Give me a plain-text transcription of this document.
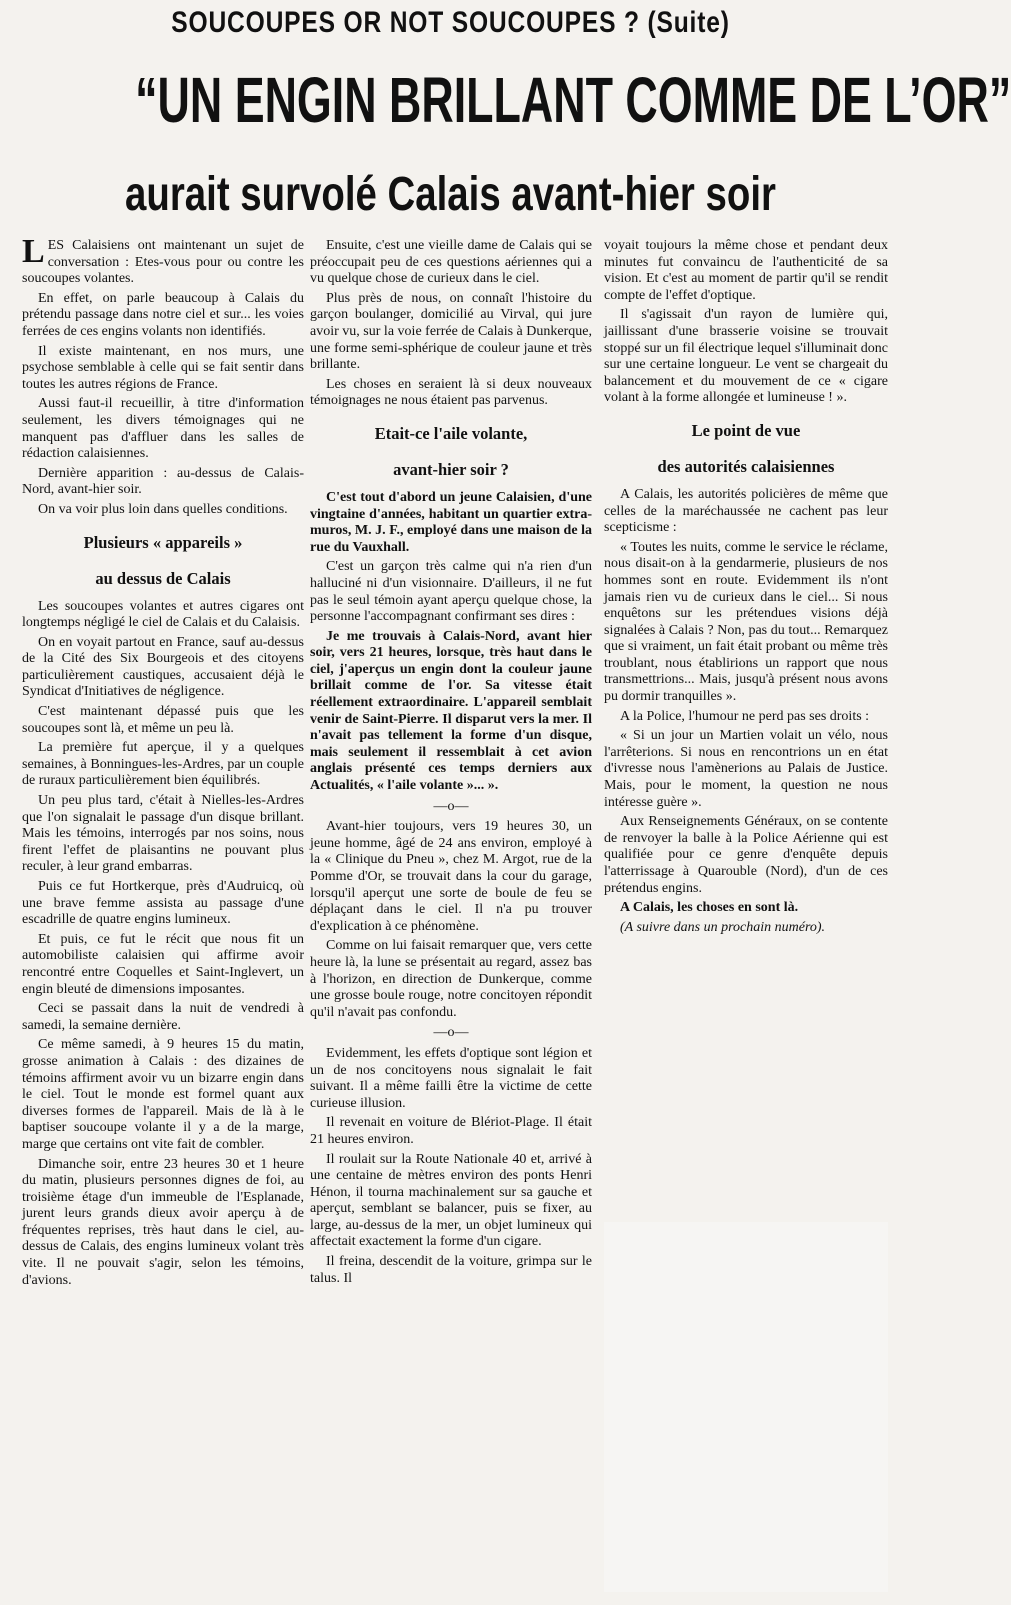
SOUCOUPES OR NOT SOUCOUPES ? (Suite)
“UN ENGIN BRILLANT COMME DE L’OR”
aurait survolé Calais avant-hier soir

LES Calaisiens ont maintenant un sujet de conversation : Etes-vous pour ou contre les soucoupes volantes.

En effet, on parle beaucoup à Calais du prétendu passage dans notre ciel et sur... les voies ferrées de ces engins volants non identifiés.

Il existe maintenant, en nos murs, une psychose semblable à celle qui se fait sentir dans toutes les autres régions de France.

Aussi faut-il recueillir, à titre d'information seulement, les divers témoignages qui ne manquent pas d'affluer dans les salles de rédaction calaisiennes.

Dernière apparition : au-dessus de Calais-Nord, avant-hier soir.

On va voir plus loin dans quelles conditions.

Plusieurs « appareils »
au dessus de Calais

Les soucoupes volantes et autres cigares ont longtemps négligé le ciel de Calais et du Calaisis.

On en voyait partout en France, sauf au-dessus de la Cité des Six Bourgeois et des citoyens particulièrement caustiques, accusaient déjà le Syndicat d'Initiatives de négligence.

C'est maintenant dépassé puis que les soucoupes sont là, et même un peu là.

La première fut aperçue, il y a quelques semaines, à Bonningues-les-Ardres, par un couple de ruraux particulièrement bien équilibrés.

Un peu plus tard, c'était à Nielles-les-Ardres que l'on signalait le passage d'un disque brillant. Mais les témoins, interrogés par nos soins, nous firent l'effet de plaisantins ne pouvant plus reculer, à leur grand embarras.

Puis ce fut Hortkerque, près d'Audruicq, où une brave femme assista au passage d'une escadrille de quatre engins lumineux.

Et puis, ce fut le récit que nous fit un automobiliste calaisien qui affirme avoir rencontré entre Coquelles et Saint-Inglevert, un engin bleuté de dimensions imposantes.

Ceci se passait dans la nuit de vendredi à samedi, la semaine dernière.

Ce même samedi, à 9 heures 15 du matin, grosse animation à Calais : des dizaines de témoins affirment avoir vu un bizarre engin dans le ciel. Tout le monde est formel quant aux diverses formes de l'appareil. Mais de là à le baptiser soucoupe volante il y a de la marge, marge que certains ont vite fait de combler.

Dimanche soir, entre 23 heures 30 et 1 heure du matin, plusieurs personnes dignes de foi, au troisième étage d'un immeuble de l'Esplanade, jurent leurs grands dieux avoir aperçu à de fréquentes reprises, très haut dans le ciel, au-dessus de Calais, des engins lumineux volant très vite. Il ne pouvait s'agir, selon les témoins, d'avions.

Ensuite, c'est une vieille dame de Calais qui se préoccupait peu de ces questions aériennes qui a vu quelque chose de curieux dans le ciel.

Plus près de nous, on connaît l'histoire du garçon boulanger, domicilié au Virval, qui jure avoir vu, sur la voie ferrée de Calais à Dunkerque, une forme semi-sphérique de couleur jaune et très brillante.

Les choses en seraient là si deux nouveaux témoignages ne nous étaient pas parvenus.

Etait-ce l'aile volante,
avant-hier soir ?

C'est tout d'abord un jeune Calaisien, d'une vingtaine d'années, habitant un quartier extra-muros, M. J. F., employé dans une maison de la rue du Vauxhall.

C'est un garçon très calme qui n'a rien d'un halluciné ni d'un visionnaire. D'ailleurs, il ne fut pas le seul témoin ayant aperçu quelque chose, la personne l'accompagnant confirmant ses dires :

Je me trouvais à Calais-Nord, avant hier soir, vers 21 heures, lorsque, très haut dans le ciel, j'aperçus un engin dont la couleur jaune brillait comme de l'or. Sa vitesse était réellement extraordinaire. L'appareil semblait venir de Saint-Pierre. Il disparut vers la mer. Il n'avait pas tellement la forme d'un disque, mais seulement il ressemblait à cet avion anglais présenté ces temps derniers aux Actualités, « l'aile volante »... ».

—o—

Avant-hier toujours, vers 19 heures 30, un jeune homme, âgé de 24 ans environ, employé à la « Clinique du Pneu », chez M. Argot, rue de la Pomme d'Or, se trouvait dans la cour du garage, lorsqu'il aperçut une sorte de boule de feu se déplaçant dans le ciel. Il n'a pu trouver d'explication à ce phénomène.

Comme on lui faisait remarquer que, vers cette heure là, la lune se présentait au regard, assez bas à l'horizon, en direction de Dunkerque, comme une grosse boule rouge, notre concitoyen répondit qu'il n'avait pas confondu.

—o—

Evidemment, les effets d'optique sont légion et un de nos concitoyens nous signalait le fait suivant. Il a même failli être la victime de cette curieuse illusion.

Il revenait en voiture de Blériot-Plage. Il était 21 heures environ.

Il roulait sur la Route Nationale 40 et, arrivé à une centaine de mètres environ des ponts Henri Hénon, il tourna machinalement sur sa gauche et aperçut, semblant se balancer, puis se fixer, au large, au-dessus de la mer, un objet lumineux qui affectait exactement la forme d'un cigare.

Il freina, descendit de la voiture, grimpa sur le talus. Il

voyait toujours la même chose et pendant deux minutes fut convaincu de l'authenticité de sa vision. Et c'est au moment de partir qu'il se rendit compte de l'effet d'optique.

Il s'agissait d'un rayon de lumière qui, jaillissant d'une brasserie voisine se trouvait stoppé sur un fil électrique lequel s'illuminait donc sur une certaine longueur. Le vent se chargeait du balancement et du mouvement de ce « cigare volant à la forme allongée et lumineuse ! ».

Le point de vue
des autorités calaisiennes

A Calais, les autorités policières de même que celles de la maréchaussée ne cachent pas leur scepticisme :

« Toutes les nuits, comme le service le réclame, nous disait-on à la gendarmerie, plusieurs de nos hommes sont en route. Evidemment ils n'ont jamais rien vu de curieux dans le ciel... Si nous enquêtons sur les prétendues visions déjà signalées à Calais ? Non, pas du tout... Remarquez que si vraiment, un fait était probant ou même très troublant, nous établirions un rapport que nous transmettrions... Mais, jusqu'à présent nous avons pu dormir tranquilles ».

A la Police, l'humour ne perd pas ses droits :

« Si un jour un Martien volait un vélo, nous l'arrêterions. Si nous en rencontrions un en état d'ivresse nous l'amènerions au Palais de Justice. Mais, pour le moment, la question ne nous intéresse guère ».

Aux Renseignements Généraux, on se contente de renvoyer la balle à la Police Aérienne qui est qualifiée pour ce genre d'enquête depuis l'atterrissage à Quarouble (Nord), d'un de ces prétendus engins.

A Calais, les choses en sont là.

(A suivre dans un prochain numéro).
